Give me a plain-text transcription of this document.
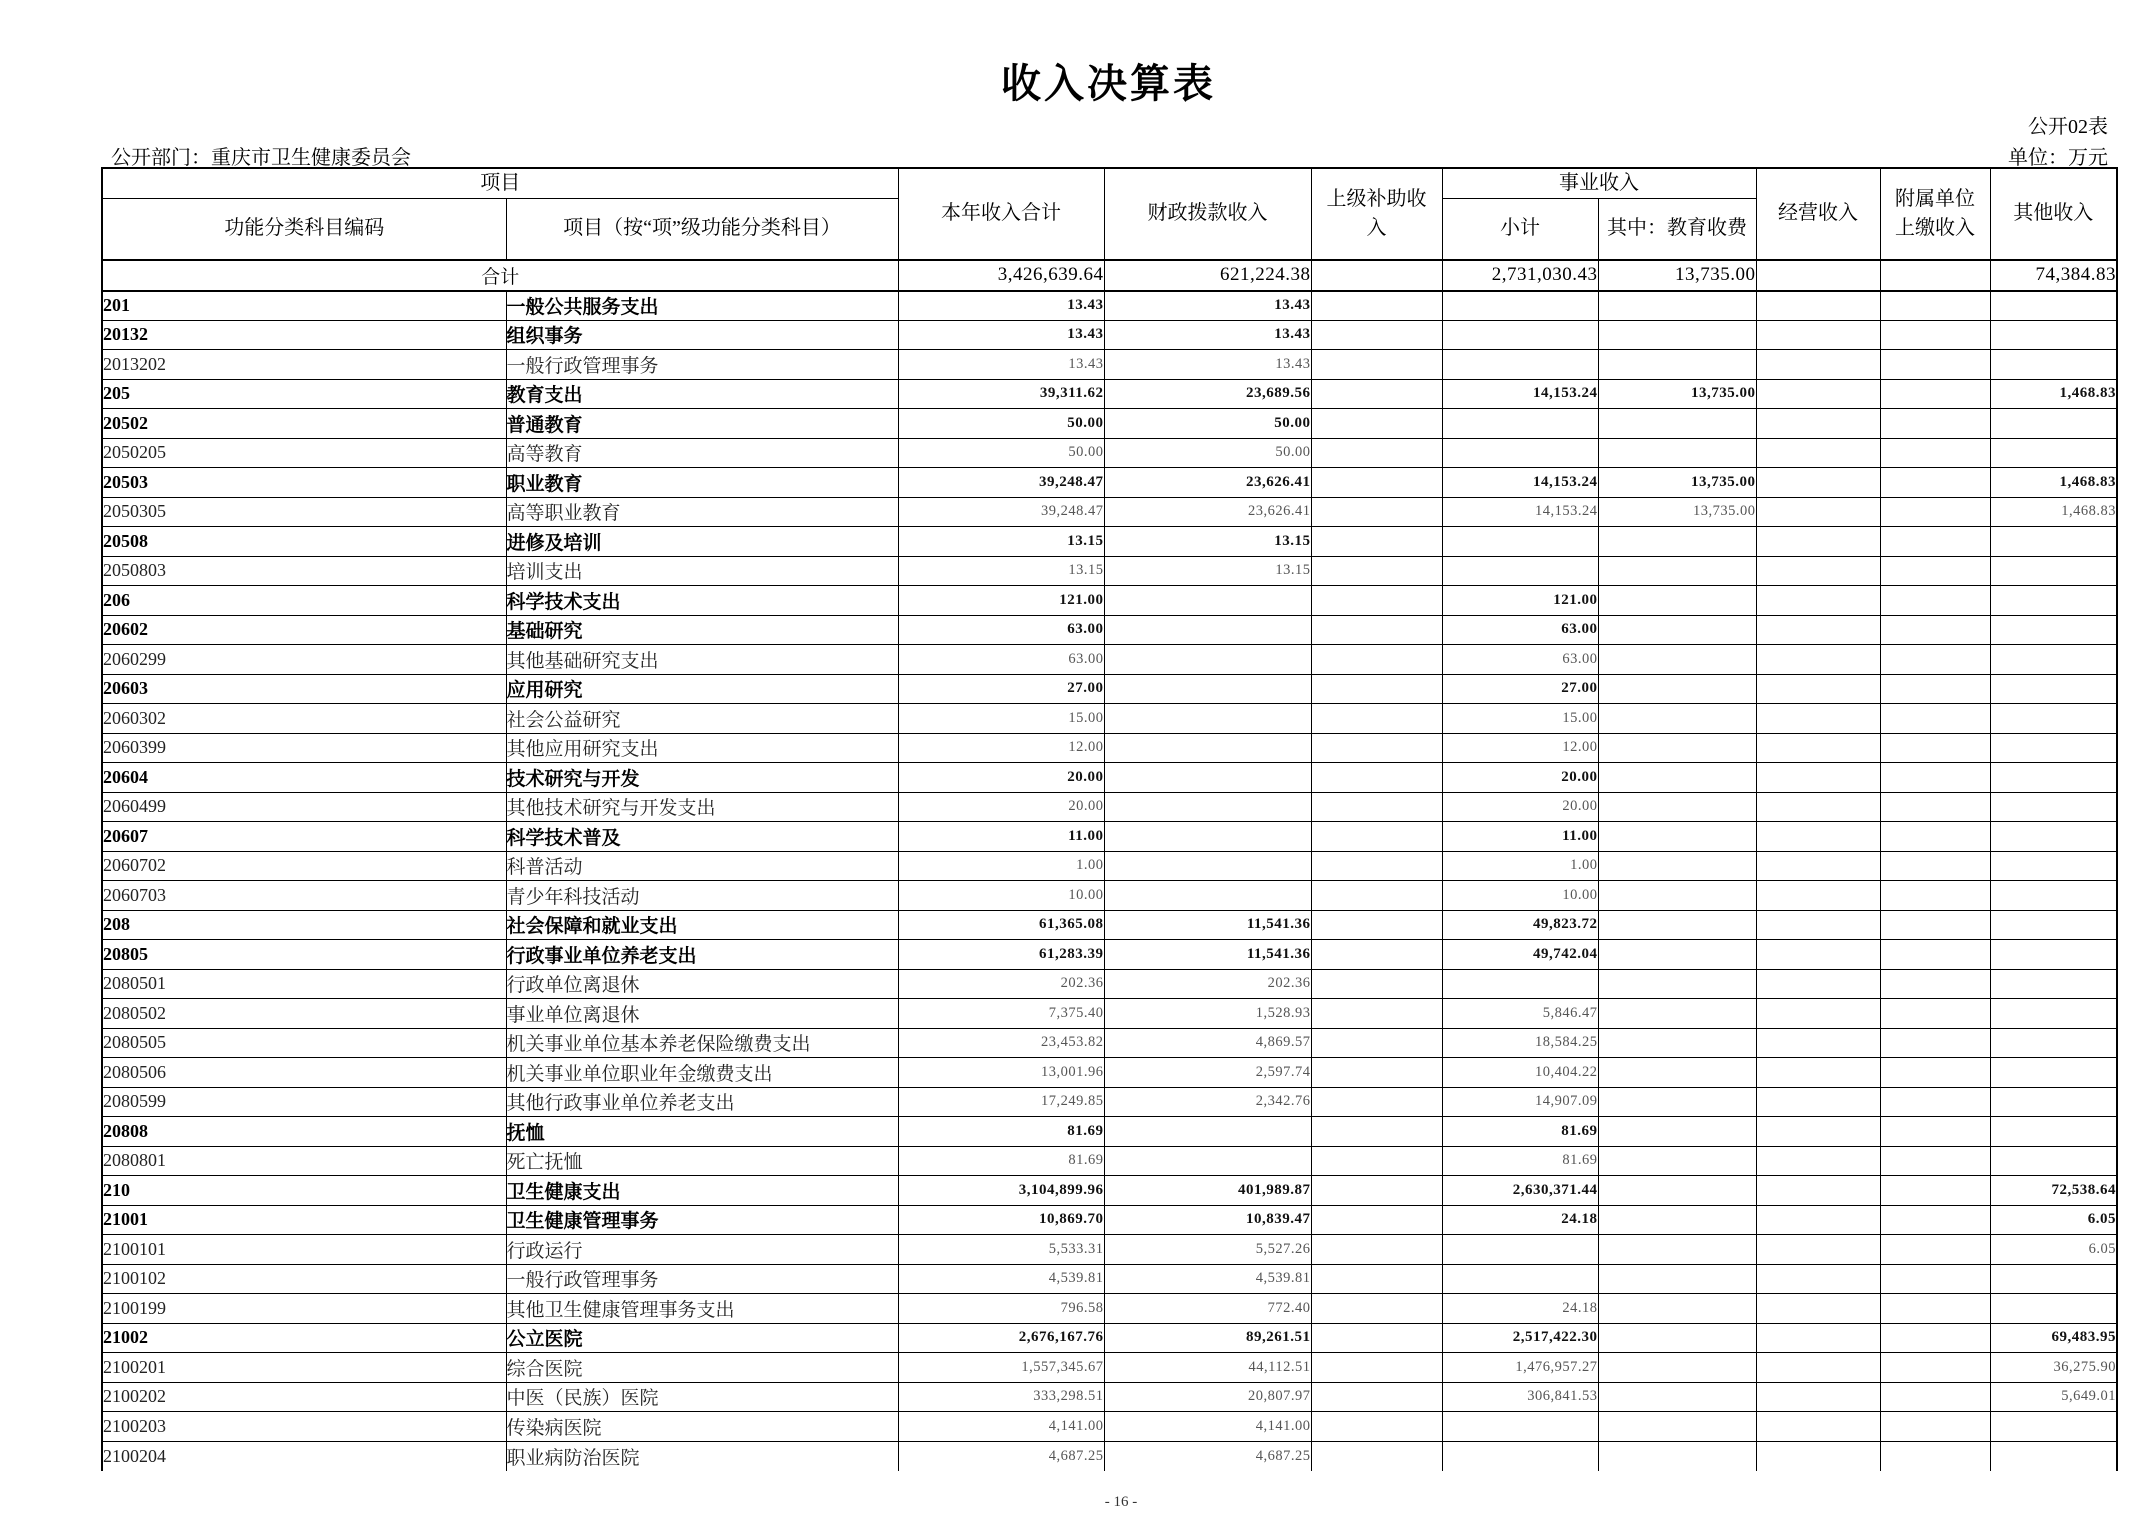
收入决算表
公开02表
公开部门：重庆市卫生健康委员会	单位：万元
项目		本年收入合计	财政拨款收入	上级补助收入	事业收入		经营收入	附属单位上缴收入	其他收入
功能分类科目编码	项目（按“项”级功能分类科目）				小计	其中：教育收费			
合计		3,426,639.64	621,224.38		2,731,030.43	13,735.00			74,384.83
201	一般公共服务支出	13.43	13.43						
20132	组织事务	13.43	13.43						
2013202	一般行政管理事务	13.43	13.43						
205	教育支出	39,311.62	23,689.56		14,153.24	13,735.00			1,468.83
20502	普通教育	50.00	50.00						
2050205	高等教育	50.00	50.00						
20503	职业教育	39,248.47	23,626.41		14,153.24	13,735.00			1,468.83
2050305	高等职业教育	39,248.47	23,626.41		14,153.24	13,735.00			1,468.83
20508	进修及培训	13.15	13.15						
2050803	培训支出	13.15	13.15						
206	科学技术支出	121.00			121.00				
20602	基础研究	63.00			63.00				
2060299	其他基础研究支出	63.00			63.00				
20603	应用研究	27.00			27.00				
2060302	社会公益研究	15.00			15.00				
2060399	其他应用研究支出	12.00			12.00				
20604	技术研究与开发	20.00			20.00				
2060499	其他技术研究与开发支出	20.00			20.00				
20607	科学技术普及	11.00			11.00				
2060702	科普活动	1.00			1.00				
2060703	青少年科技活动	10.00			10.00				
208	社会保障和就业支出	61,365.08	11,541.36		49,823.72				
20805	行政事业单位养老支出	61,283.39	11,541.36		49,742.04				
2080501	行政单位离退休	202.36	202.36						
2080502	事业单位离退休	7,375.40	1,528.93		5,846.47				
2080505	机关事业单位基本养老保险缴费支出	23,453.82	4,869.57		18,584.25				
2080506	机关事业单位职业年金缴费支出	13,001.96	2,597.74		10,404.22				
2080599	其他行政事业单位养老支出	17,249.85	2,342.76		14,907.09				
20808	抚恤	81.69			81.69				
2080801	死亡抚恤	81.69			81.69				
210	卫生健康支出	3,104,899.96	401,989.87		2,630,371.44				72,538.64
21001	卫生健康管理事务	10,869.70	10,839.47		24.18				6.05
2100101	行政运行	5,533.31	5,527.26						6.05
2100102	一般行政管理事务	4,539.81	4,539.81						
2100199	其他卫生健康管理事务支出	796.58	772.40		24.18				
21002	公立医院	2,676,167.76	89,261.51		2,517,422.30				69,483.95
2100201	综合医院	1,557,345.67	44,112.51		1,476,957.27				36,275.90
2100202	中医（民族）医院	333,298.51	20,807.97		306,841.53				5,649.01
2100203	传染病医院	4,141.00	4,141.00						
2100204	职业病防治医院	4,687.25	4,687.25						
- 16 -
